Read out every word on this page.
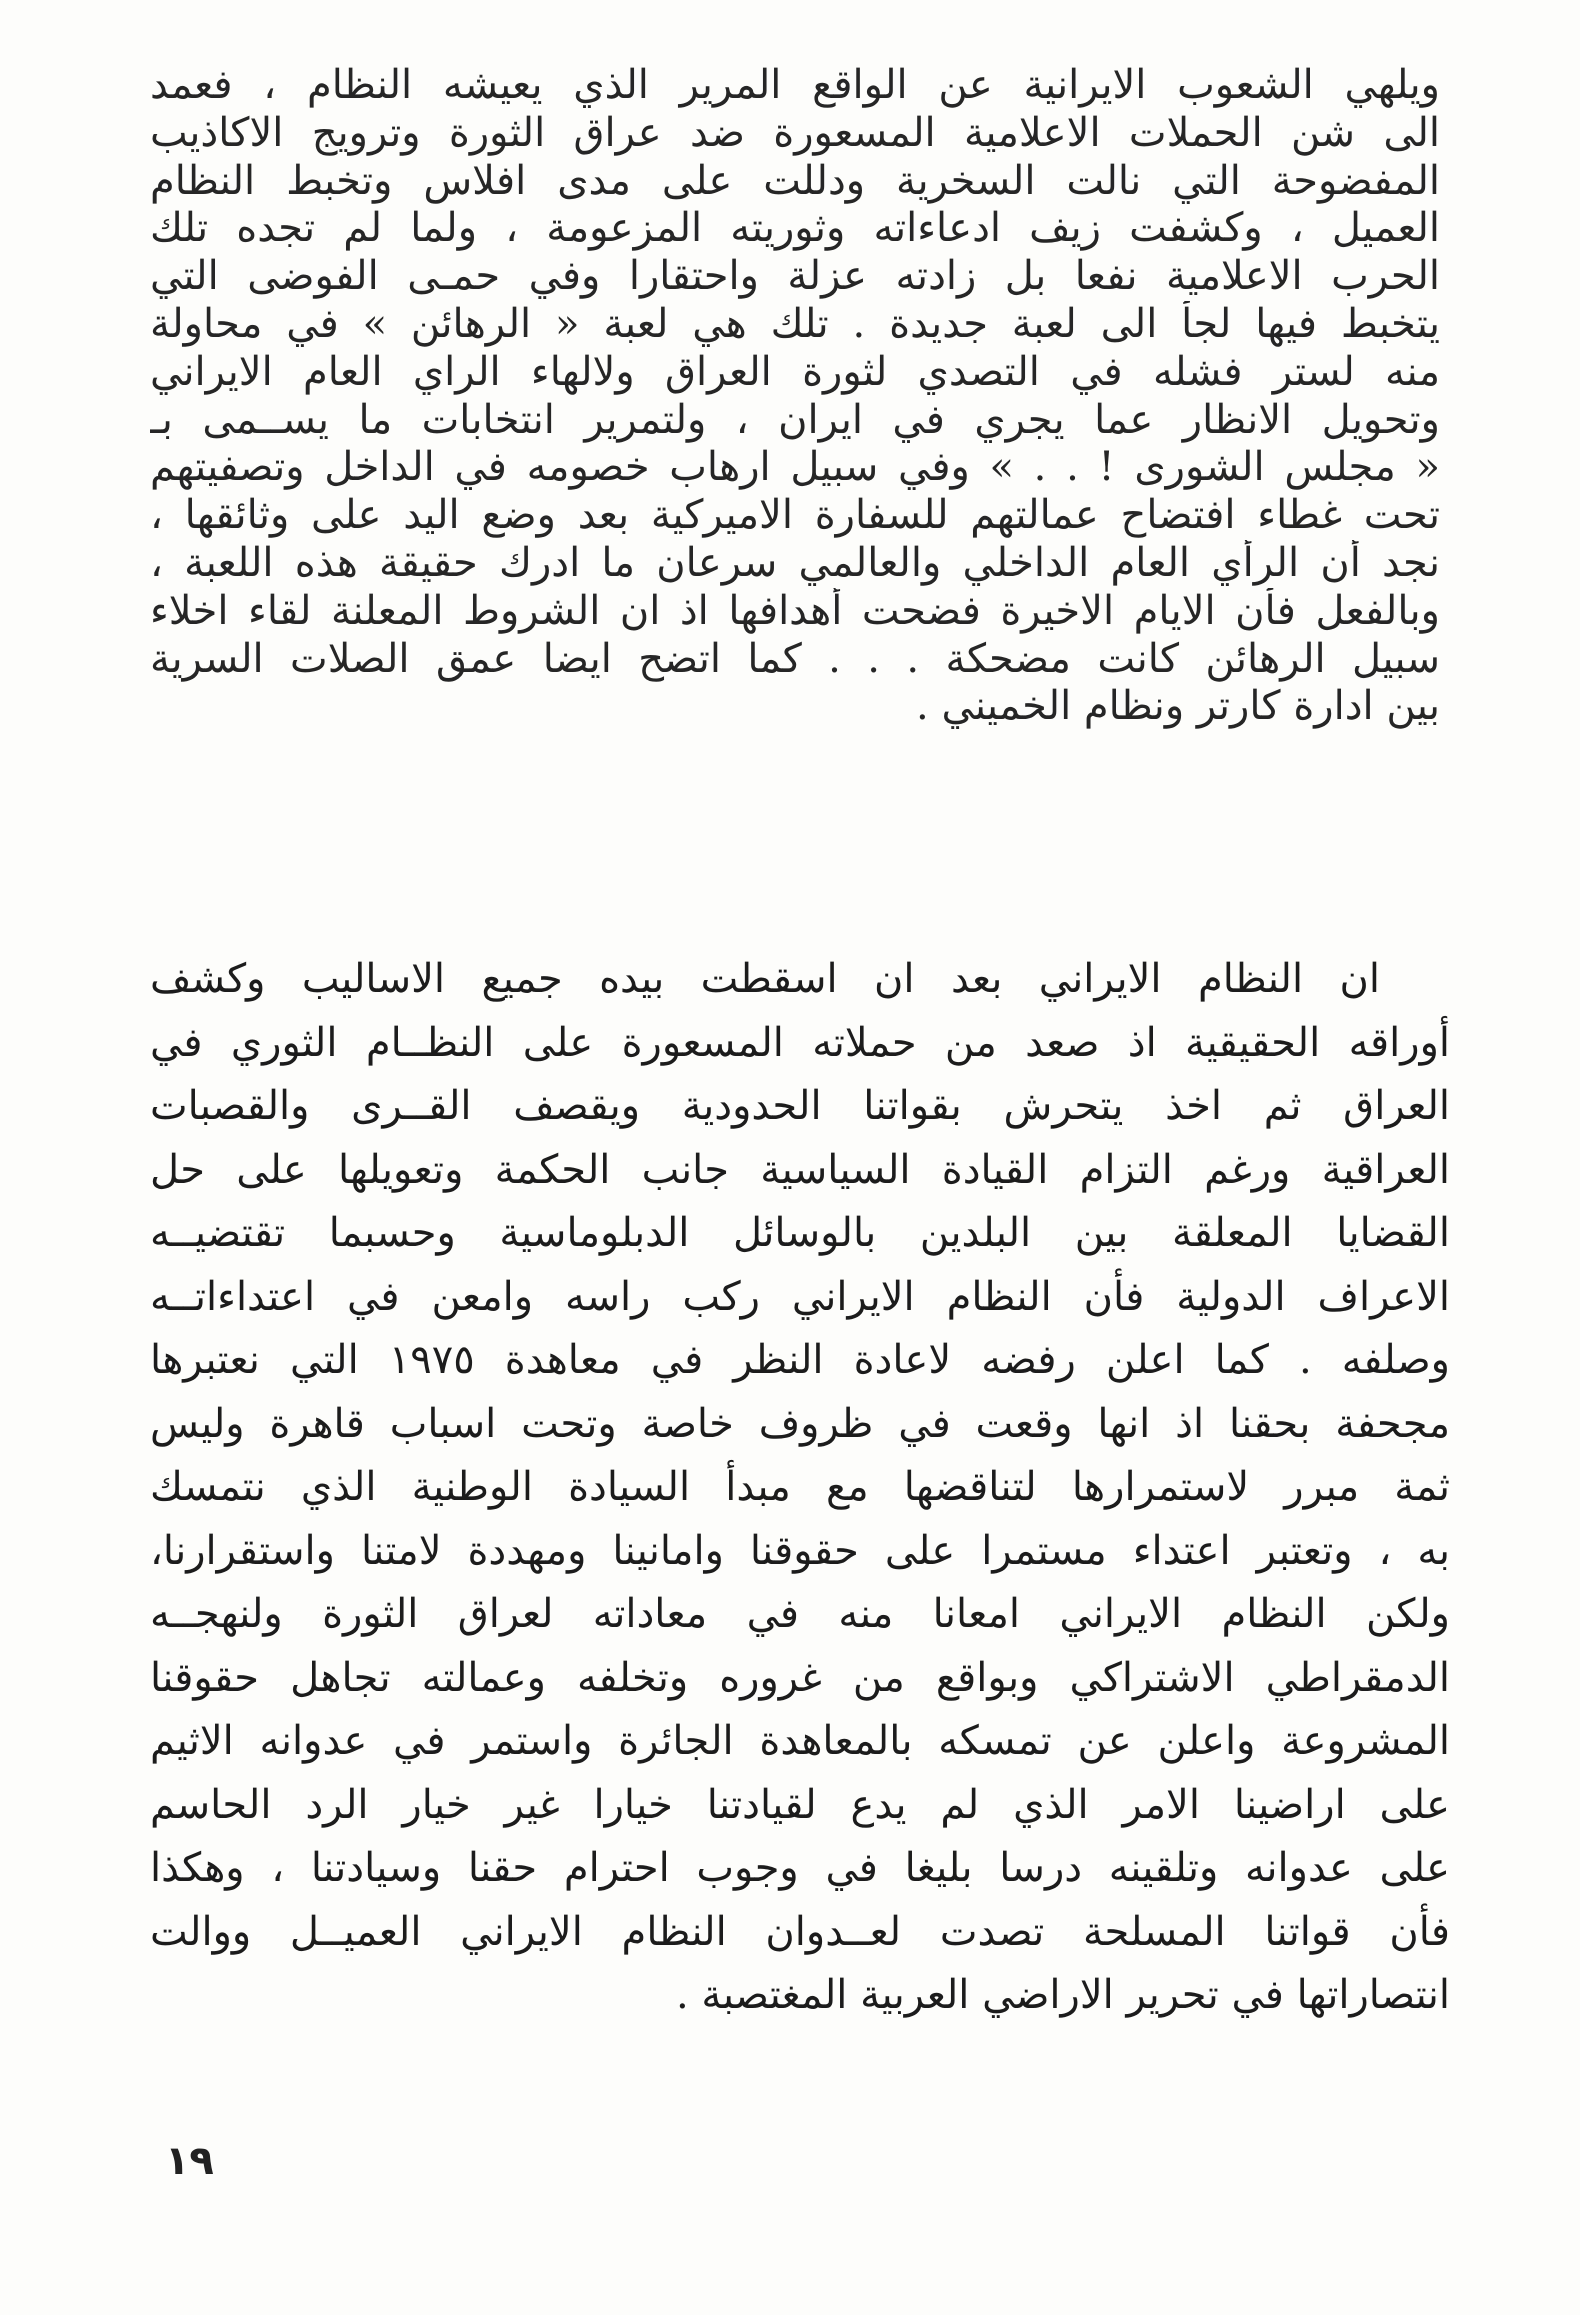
ويلهي الشعوب الايرانية عن الواقع المرير الذي يعيشه النظام ، فعمد
الى شن الحملات الاعلامية المسعورة ضد عراق الثورة وترويج الاكاذيب
المفضوحة التي نالت السخرية ودللت على مدى افلاس وتخبط النظام
العميل ، وكشفت زيف ادعاءاته وثوريته المزعومة ، ولما لم تجده تلك
الحرب الاعلامية نفعا بل زادته عزلة واحتقارا وفي حمـى الفوضى التي
يتخبط فيها لجأ الى لعبة جديدة . تلك هي لعبة « الرهائن » في محاولة
منه لستر فشله في التصدي لثورة العراق ولالهاء الراي العام الايراني
وتحويل الانظار عما يجري في ايران ، ولتمرير انتخابات ما يســمى بـ
« مجلس الشورى ! . . » وفي سبيل ارهاب خصومه في الداخل وتصفيتهم
تحت غطاء افتضاح عمالتهم للسفارة الاميركية بعد وضع اليد على وثائقها ،
نجد أن الرأي العام الداخلي والعالمي سرعان ما ادرك حقيقة هذه اللعبة ،
وبالفعل فأن الايام الاخيرة فضحت أهدافها اذ ان الشروط المعلنة لقاء اخلاء
سبيل الرهائن كانت مضحكة . . . كما اتضح ايضا عمق الصلات السرية
بين ادارة كارتر ونظام الخميني .
ان النظام الايراني بعد ان اسقطت بيده جميع الاساليب وكشف
أوراقه الحقيقية اذ صعد من حملاته المسعورة على النظــام الثوري في
العراق ثم اخذ يتحرش بقواتنا الحدودية ويقصف القــرى والقصبات
العراقية ورغم التزام القيادة السياسية جانب الحكمة وتعويلها على حل
القضايا المعلقة بين البلدين بالوسائل الدبلوماسية وحسبما تقتضيــه
الاعراف الدولية فأن النظام الايراني ركب راسه وامعن في اعتداءاتــه
وصلفه . كما اعلن رفضه لاعادة النظر في معاهدة ١٩٧٥ التي نعتبرها
مجحفة بحقنا اذ انها وقعت في ظروف خاصة وتحت اسباب قاهرة وليس
ثمة مبرر لاستمرارها لتناقضها مع مبدأ السيادة الوطنية الذي نتمسك
به ، وتعتبر اعتداء مستمرا على حقوقنا وامانينا ومهددة لامتنا واستقرارنا،
ولكن النظام الايراني امعانا منه في معاداته لعراق الثورة ولنهجــه
الدمقراطي الاشتراكي وبواقع من غروره وتخلفه وعمالته تجاهل حقوقنا
المشروعة واعلن عن تمسكه بالمعاهدة الجائرة واستمر في عدوانه الاثيم
على اراضينا الامر الذي لم يدع لقيادتنا خيارا غير خيار الرد الحاسم
على عدوانه وتلقينه درسا بليغا في وجوب احترام حقنا وسيادتنا ، وهكذا
فأن قواتنا المسلحة تصدت لعــدوان النظام الايراني العميــل ووالت
انتصاراتها في تحرير الاراضي العربية المغتصبة .
١٩
